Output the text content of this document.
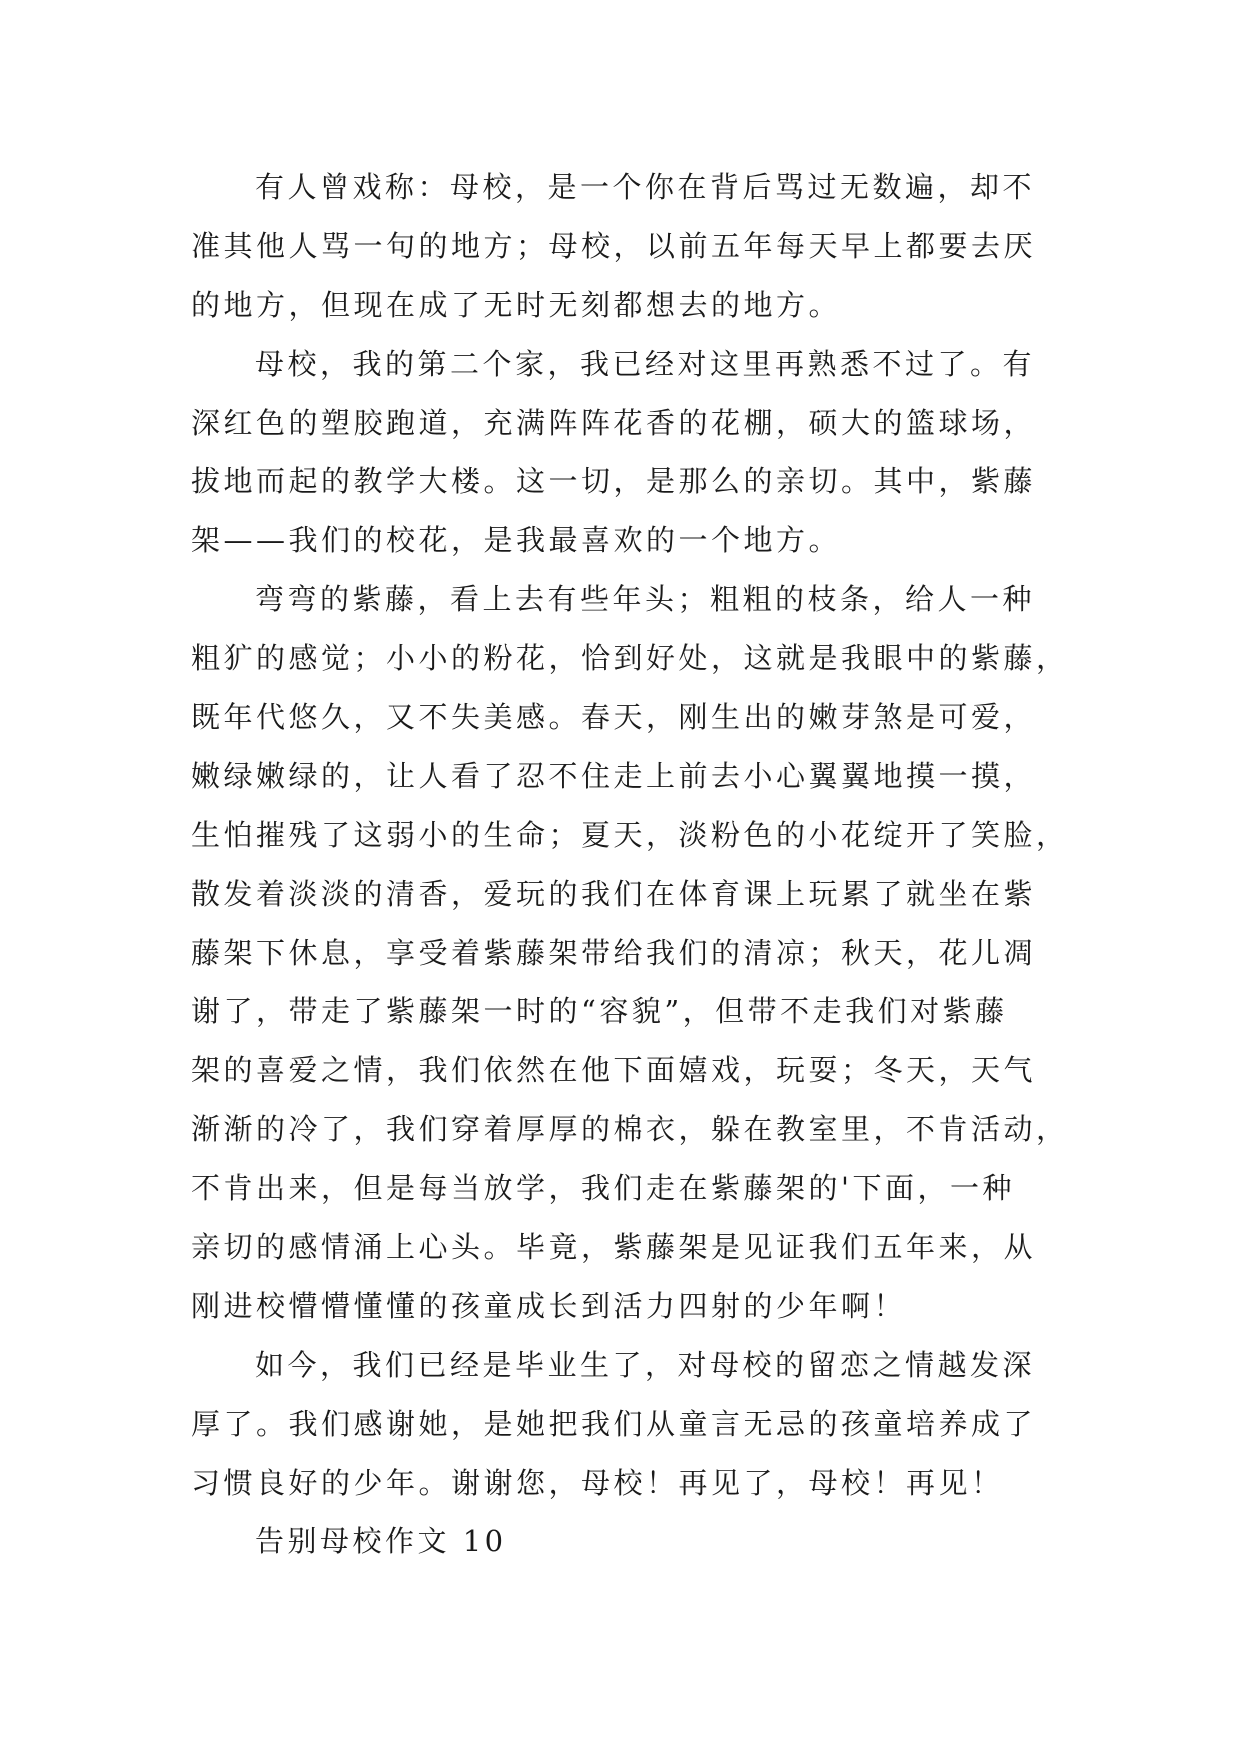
有人曾戏称：母校，是一个你在背后骂过无数遍，却不
准其他人骂一句的地方；母校，以前五年每天早上都要去厌
的地方，但现在成了无时无刻都想去的地方。
母校，我的第二个家，我已经对这里再熟悉不过了。有
深红色的塑胶跑道，充满阵阵花香的花棚，硕大的篮球场，
拔地而起的教学大楼。这一切，是那么的亲切。其中，紫藤
架——我们的校花，是我最喜欢的一个地方。
弯弯的紫藤，看上去有些年头；粗粗的枝条，给人一种
粗犷的感觉；小小的粉花，恰到好处，这就是我眼中的紫藤，
既年代悠久，又不失美感。春天，刚生出的嫩芽煞是可爱，
嫩绿嫩绿的，让人看了忍不住走上前去小心翼翼地摸一摸，
生怕摧残了这弱小的生命；夏天，淡粉色的小花绽开了笑脸，
散发着淡淡的清香，爱玩的我们在体育课上玩累了就坐在紫
藤架下休息，享受着紫藤架带给我们的清凉；秋天，花儿凋
谢了，带走了紫藤架一时的“容貌”，但带不走我们对紫藤
架的喜爱之情，我们依然在他下面嬉戏，玩耍；冬天，天气
渐渐的冷了，我们穿着厚厚的棉衣，躲在教室里，不肯活动，
不肯出来，但是每当放学，我们走在紫藤架的'下面，一种
亲切的感情涌上心头。毕竟，紫藤架是见证我们五年来，从
刚进校懵懵懂懂的孩童成长到活力四射的少年啊！
如今，我们已经是毕业生了，对母校的留恋之情越发深
厚了。我们感谢她，是她把我们从童言无忌的孩童培养成了
习惯良好的少年。谢谢您，母校！再见了，母校！再见！
告别母校作文 10
